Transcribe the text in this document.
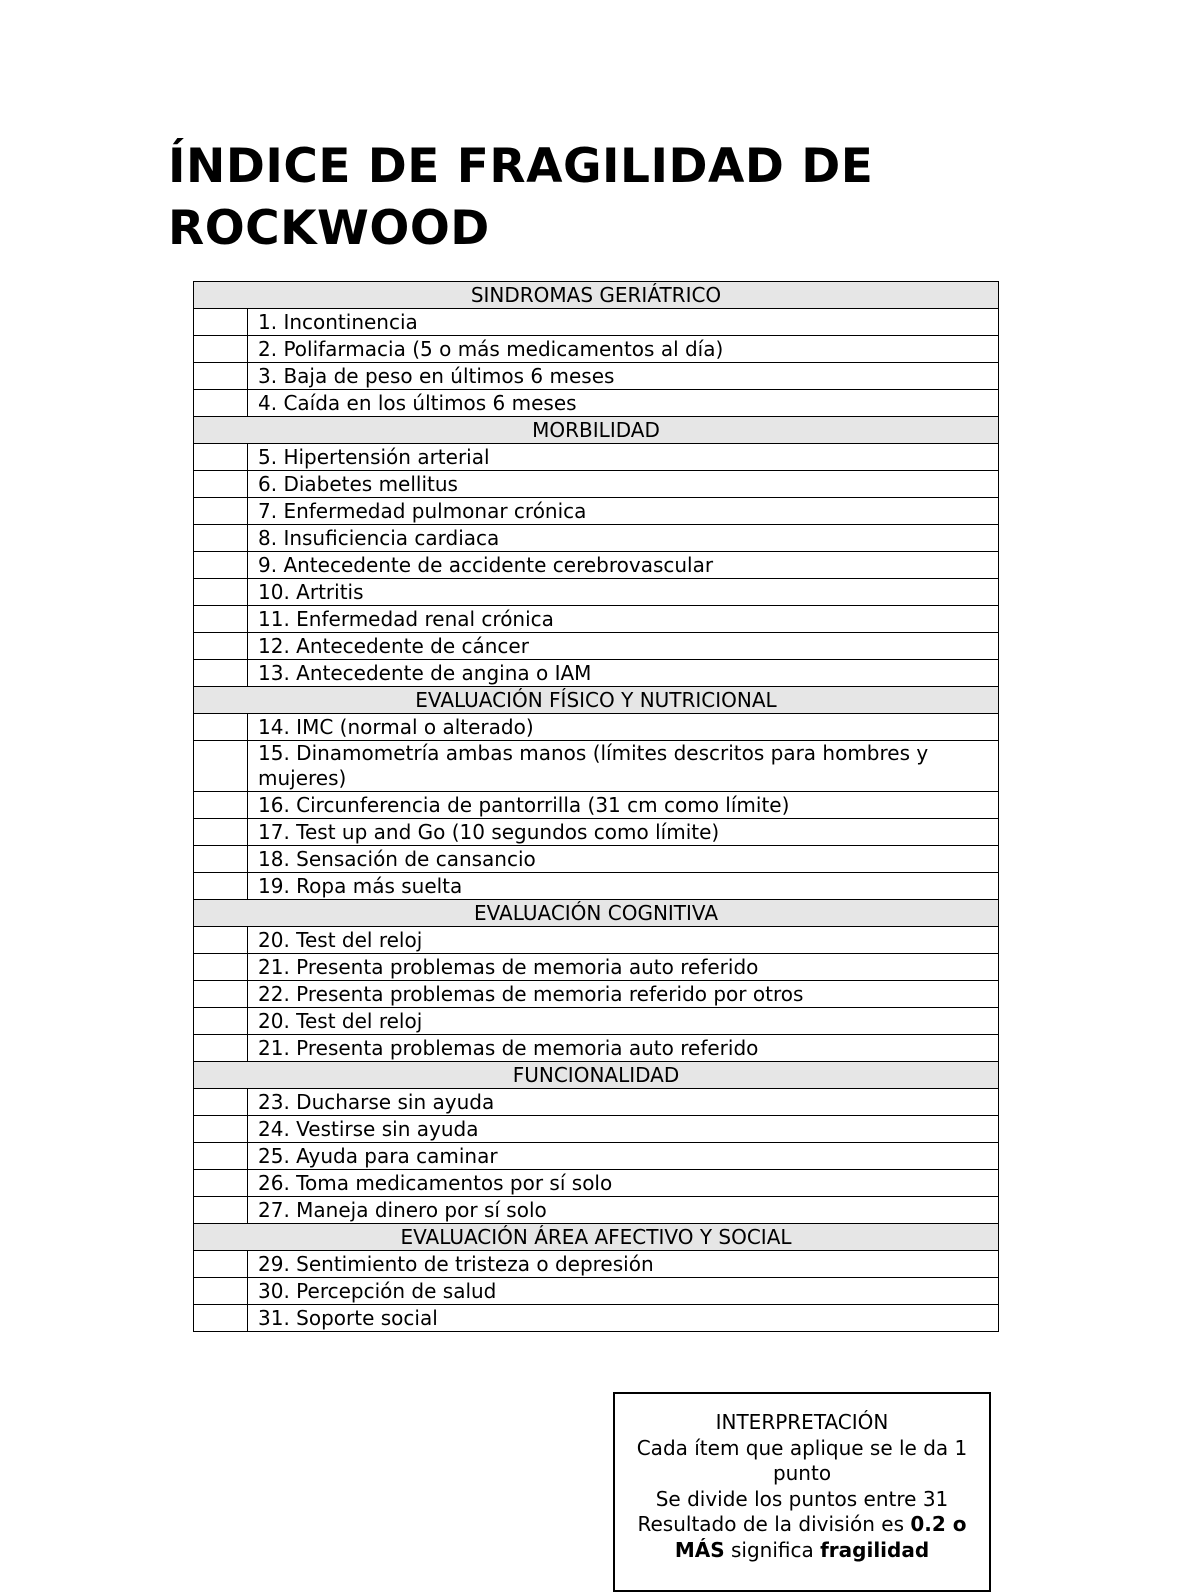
ÍNDICE DE FRAGILIDAD DE ROCKWOOD
SINDROMAS GERIÁTRICO	
	1. Incontinencia
	2. Polifarmacia (5 o más medicamentos al día)
	3. Baja de peso en últimos 6 meses
	4. Caída en los últimos 6 meses
MORBILIDAD	
	5. Hipertensión arterial
	6. Diabetes mellitus
	7. Enfermedad pulmonar crónica
	8. Insuficiencia cardiaca
	9. Antecedente de accidente cerebrovascular
	10. Artritis
	11. Enfermedad renal crónica
	12. Antecedente de cáncer
	13. Antecedente de angina o IAM
EVALUACIÓN FÍSICO Y NUTRICIONAL	
	14. IMC (normal o alterado)
	15. Dinamometría ambas manos (límites descritos para hombres y mujeres)
	16. Circunferencia de pantorrilla (31 cm como límite)
	17. Test up and Go (10 segundos como límite)
	18. Sensación de cansancio
	19. Ropa más suelta
EVALUACIÓN COGNITIVA	
	20. Test del reloj
	21. Presenta problemas de memoria auto referido
	22. Presenta problemas de memoria referido por otros
	20. Test del reloj
	21. Presenta problemas de memoria auto referido
FUNCIONALIDAD	
	23. Ducharse sin ayuda
	24. Vestirse sin ayuda
	25. Ayuda para caminar
	26. Toma medicamentos por sí solo
	27. Maneja dinero por sí solo
EVALUACIÓN ÁREA AFECTIVO Y SOCIAL	
	29. Sentimiento de tristeza o depresión
	30. Percepción de salud
	31. Soporte social
INTERPRETACIÓN
Cada ítem que aplique se le da 1 punto
Se divide los puntos entre 31
Resultado de la división es 0.2 o MÁS significa fragilidad
